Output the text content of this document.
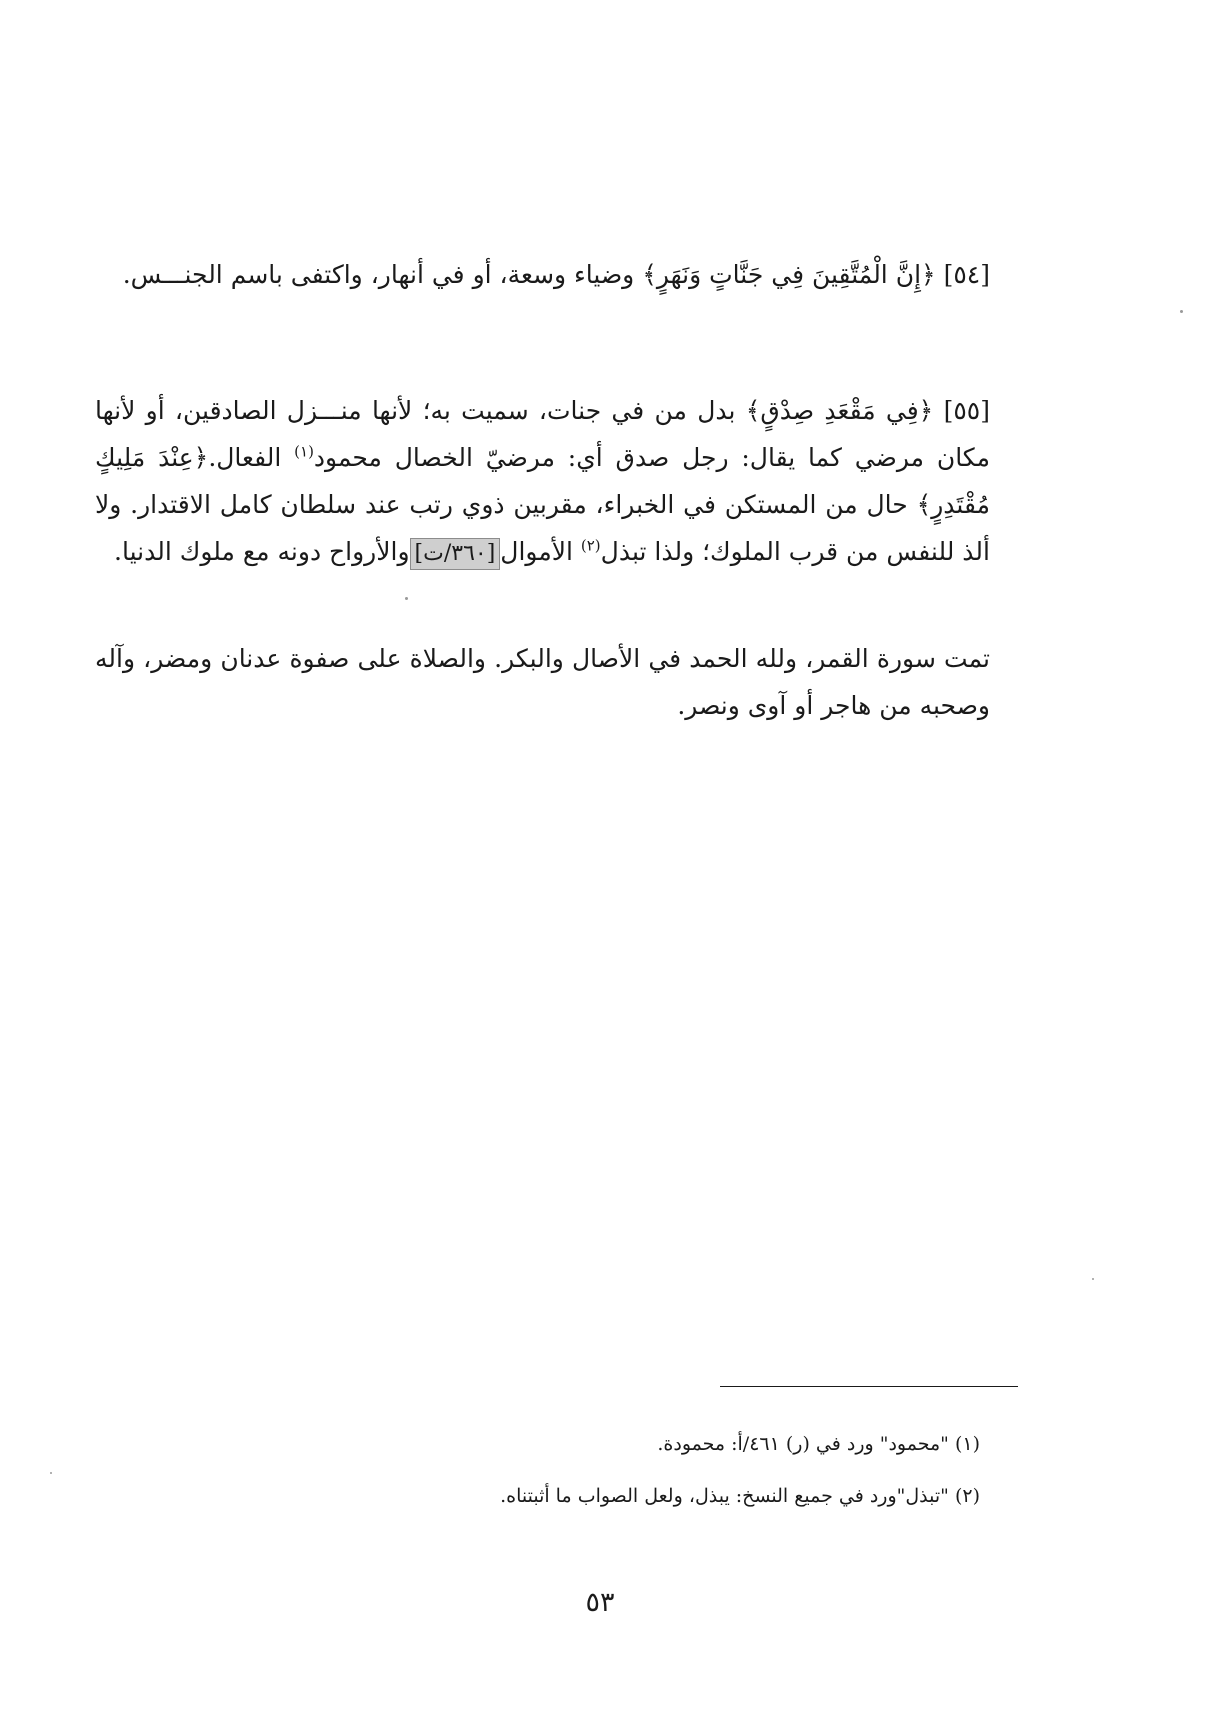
[٥٤] ﴿إِنَّ الْمُتَّقِينَ فِي جَنَّاتٍ وَنَهَرٍ﴾ وضياء وسعة، أو في أنهار، واكتفى باسم الجنـــس.

[٥٥] ﴿فِي مَقْعَدِ صِدْقٍ﴾ بدل من في جنات، سميت به؛ لأنها منـــزل الصادقين، أو لأنها مكان مرضي كما يقال: رجل صدق أي: مرضيّ الخصال محمود$^{(١)}$ الفعال.﴿عِنْدَ مَلِيكٍ مُقْتَدِرٍ﴾ حال من المستكن في الخبراء، مقربين ذوي رتب عند سلطان كامل الاقتدار. ولا ألذ للنفس من قرب الملوك؛ ولذا تبذل$^{(٢)}$ الأموال[٣٦٠/ت]والأرواح دونه مع ملوك الدنيا.

تمت سورة القمر، ولله الحمد في الأصال والبكر. والصلاة على صفوة عدنان ومضر، وآله وصحبه من هاجر أو آوى ونصر.

(١) "محمود" ورد في (ر) ٤٦١/أ: محمودة.

(٢) "تبذل"ورد في جميع النسخ: يبذل، ولعل الصواب ما أثبتناه.

٥٣
